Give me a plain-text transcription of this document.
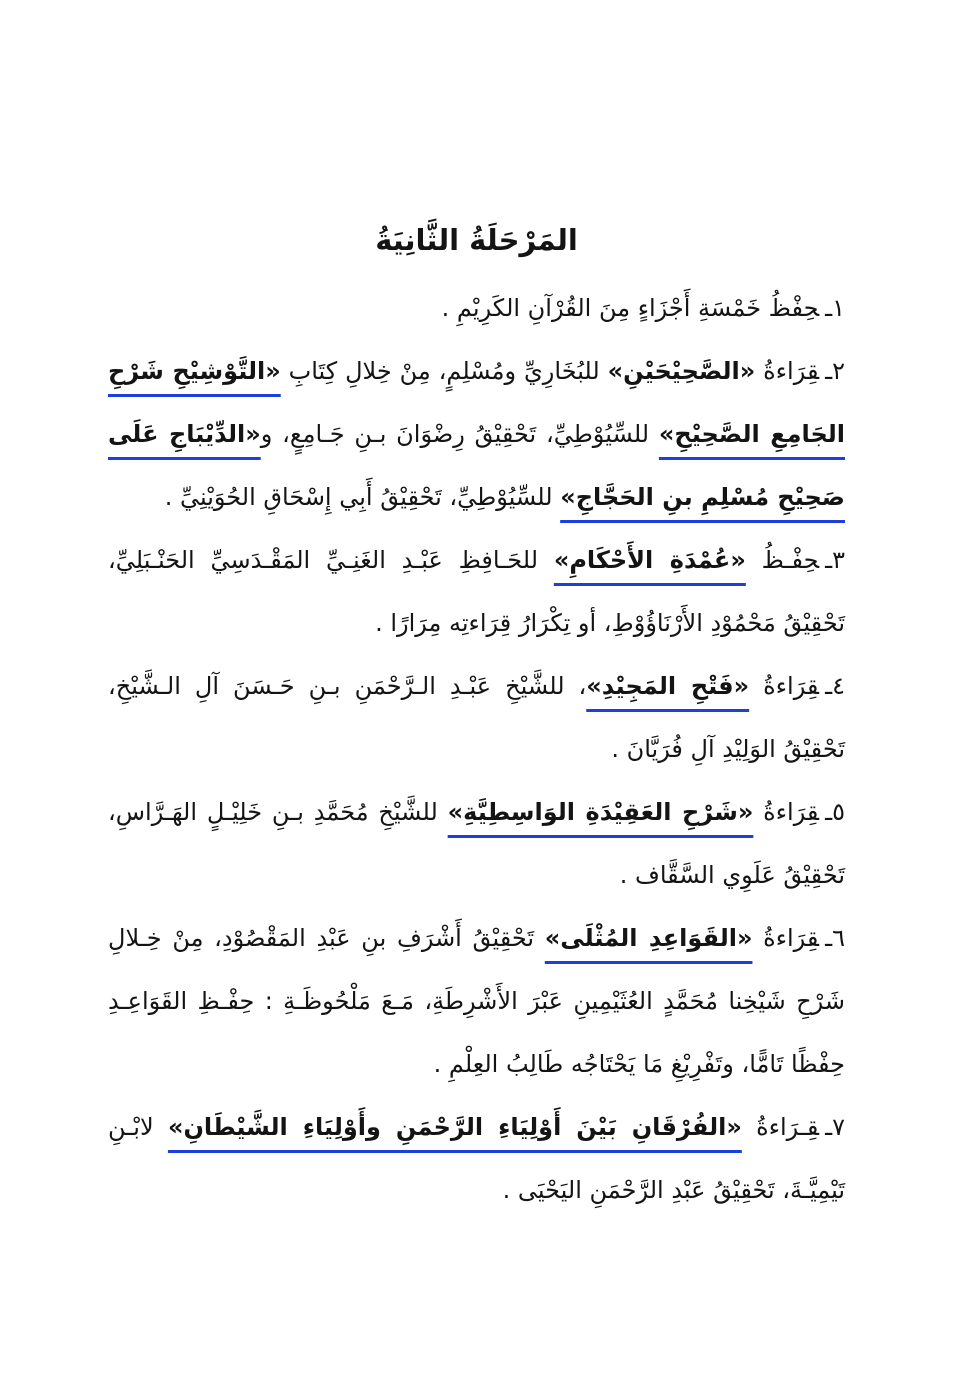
المَرْحَلَةُ الثَّانِيَةُ

١ـحِفْظُ خَمْسَةِ أَجْزَاءٍ مِنَ القُرْآنِ الكَرِيْمِ .

٢ـقِرَاءةُ «الصَّحِيْحَيْنِ» للبُخَارِيِّ ومُسْلِمٍ، مِنْ خِلالِ كِتَابِ «التَّوْشِيْحِ شَرْحِ الجَامِعِ الصَّحِيْحِ» للسِّيُوْطِيِّ، تَحْقِيْقُ رِضْوَانَ بـنِ جَـامِعٍ، و«الدِّيْبَاجِ عَلَى صَحِيْحِ مُسْلِمِ بنِ الحَجَّاجِ» للسِّيُوْطِيِّ، تَحْقِيْقُ أَبِي إِسْحَاقِ الحُوَيْنِيِّ .

٣ـحِفْـظُ «عُمْدَةِ الأَحْكَامِ» للحَـافِظِ عَبْـدِ الغَنِـيِّ المَقْـدَسِيِّ الحَنْـبَلِيِّ، تَحْقِيْقُ مَحْمُوْدِ الأَرْنَاؤُوْطِ، أو تِكْرَارُ قِرَاءتِه مِرَارًا .

٤ـقِرَاءةُ «فَتْحِ المَجِيْدِ»، للشَّيْخِ عَبْـدِ الـرَّحْمَنِ بـنِ حَـسَنَ آلِ الـشَّيْخِ، تَحْقِيْقُ الوَلِيْدِ آلِ فُرَيَّانَ .

٥ـقِرَاءةُ «شَرْحِ العَقِيْدَةِ الوَاسِطِيَّةِ» للشَّيْخِ مُحَمَّدِ بـنِ خَلِيْـلٍ الهَـرَّاسِ، تَحْقِيْقُ عَلَوِي السَّقَّاف .

٦ـقِرَاءةُ «القَوَاعِدِ المُثْلَى» تَحْقِيْقُ أَشْرَفِ بنِ عَبْدِ المَقْصُوْدِ، مِنْ خِـلالِ شَرْحِ شَيْخِنا مُحَمَّدٍ العُثَيْمِينِ عَبْرَ الأَشْرِطَةِ، مَـعَ مَلْحُوظَـةِ : حِفْـظِ القَوَاعِـدِ حِفْظًا تَامًّا، وتَفْرِيْغِ مَا يَحْتَاجُه طَالِبُ العِلْمِ .

٧ـقِـرَاءةُ «الفُرْقَانِ بَيْنَ أَوْلِيَاءِ الرَّحْمَنِ وأَوْلِيَاءِ الشَّيْطَانِ» لابْـنِ تَيْمِيَّـةَ، تَحْقِيْقُ عَبْدِ الرَّحْمَنِ اليَحْيَى .
